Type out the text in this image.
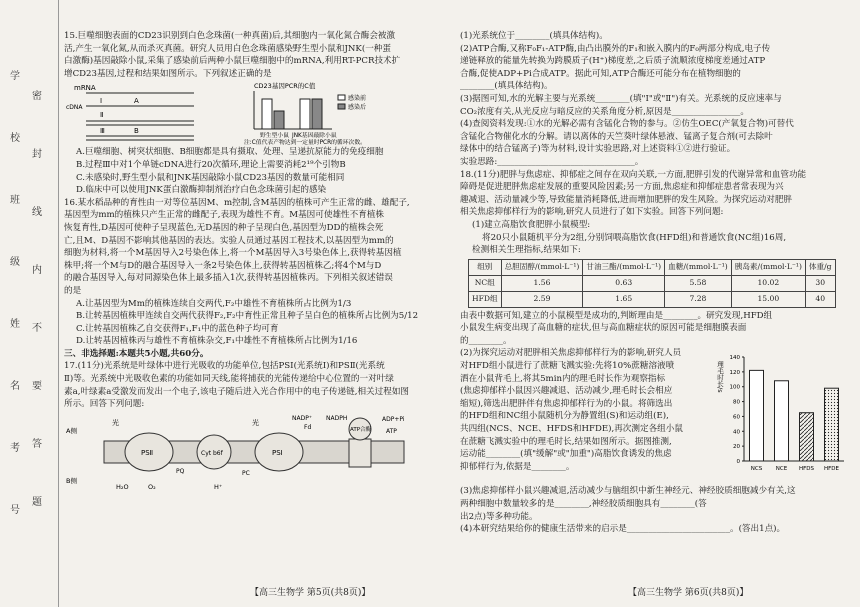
密
封
线
内
不
要
答
题
学
校
班
级
姓
名
考
号

15.巨噬细胞表面的CD23识别到白色念珠菌(一种真菌)后,其细胞内一氧化氮合酶会被激

活,产生一氧化氮,从而杀灭真菌。研究人员用白色念珠菌感染野生型小鼠和JNK(一种蛋

白激酶)基因敲除小鼠,采集了感染前后两种小鼠巨噬细胞中的mRNA,利用RT-PCR技术扩

增CD23基因,过程和结果如图所示。下列叙述正确的是

mRNA
Ⅰ	A
cDNA
Ⅱ
Ⅲ	B
CD23基因PCR的C值
野生型小鼠 JNK基因敲除小鼠
感染前
感染后
注:C值代表产物达到一定量时PCR的循环次数。

A.巨噬细胞、树突状细胞、B细胞都是具有摄取、处理、呈递抗原能力的免疫细胞

B.过程Ⅲ中对1个单链cDNA进行20次循环,理论上需要消耗2¹⁹个引物B

C.未感染时,野生型小鼠和JNK基因敲除小鼠CD23基因的数量可能相同

D.临床中可以使用JNK蛋白激酶抑制剂治疗白色念珠菌引起的感染

16.某水稻品种的育性由一对等位基因M、m控制,含M基因的植株可产生正常的雌、雄配子,

基因型为mm的植株只产生正常的雌配子,表现为雄性不育。M基因可使雄性不育植株

恢复育性,D基因可使种子呈现蓝色,无D基因的种子呈现白色,基因型为DD的植株会死

亡,且M、D基因不影响其他基因的表达。实验人员通过基因工程技术,以基因型为mm的

细胞为材料,将一个M基因导入2号染色体上,将一个M基因导入3号染色体上,获得转基因植

株甲;将一个M与D的融合基因导入一条2号染色体上,获得转基因植株乙;将4个M与D

的融合基因导入,每对同源染色体上最多插入1次,获得转基因植株丙。下列相关叙述错误

的是

A.让基因型为Mm的植株连续自交两代,F₂中雄性不育植株所占比例为1/3

B.让转基因植株甲连续自交两代获得F₂,F₂中育性正常且种子呈白色的植株所占比例为5/12

C.让转基因植株乙自交获得F₁,F₁中的蓝色种子均可育

D.让转基因植株丙与雄性不育植株杂交,F₁中雄性不育植株所占比例为1/16

三、非选择题:本题共5小题,共60分。

17.(11分)光系统是叶绿体中进行光吸收的功能单位,包括PSⅠ(光系统Ⅰ)和PSⅡ(光系统

Ⅱ)等。光系统中光吸收色素的功能如同天线,能将捕获的光能传递给中心位置的一对叶绿

素a,叶绿素a受激发而发出一个电子,该电子随后进入光合作用中的电子传递链,相关过程如图

所示。回答下列问题:

PSⅡ	Cyt b6f	PSⅠ
ATP合酶
光	光
PQ	PC
Fd
NADP⁺ NADPH	ADP+Pi
ATP
H₂O	O₂	H⁺
A侧
B侧

(1)光系统位于________(填具体结构)。

(2)ATP合酶,又称F₀F₁-ATP酶,由凸出膜外的F₁和嵌入膜内的F₀两部分构成,电子传

递链释放的能量先转换为跨膜质子(H⁺)梯度差,之后质子流顺浓度梯度差通过ATP

合酶,促使ADP+Pi合成ATP。据此可知,ATP合酶还可能分布在植物细胞的

________(填具体结构)。

(3)据图可知,水的光解主要与光系统________(填"Ⅰ"或"Ⅱ")有关。光系统的反应速率与

CO₂浓度有关,从光反应与暗反应的关系角度分析,原因是________________。

(4)查阅资料发现:①水的光解必需有含锰化合物的参与。②仿生OEC(产氧复合物)可替代

含锰化合物催化水的分解。请以离体的天竺葵叶绿体悬液、锰离子复合剂(可去除叶

绿体中的结合锰离子)等为材料,设计实验思路,对上述资料①②进行验证。

实验思路:________________________________。

18.(11分)肥胖与焦虑症、抑郁症之间存在双向关联,一方面,肥胖引发的代谢异常和血管功能

障碍是促进肥胖焦虑症发展的重要风险因素;另一方面,焦虑症和抑郁症患者常表现为兴

趣减退、活动量减少等,导致能量消耗降低,进而增加肥胖的发生风险。为探究运动对肥胖

相关焦虑抑郁样行为的影响,研究人员进行了如下实验。回答下列问题:

(1)建立高脂饮食肥胖小鼠模型:

将20只小鼠随机平分为2组,分别饲喂高脂饮食(HFD组)和普通饮食(NC组)16周,

检测相关生理指标,结果如下:

组别	总胆固醇/(mmol·L⁻¹)	甘油三酯/(mmol·L⁻¹)	血糖/(mmol·L⁻¹)	胰岛素/(mmol·L⁻¹)	体重/g
NC组	1.56	0.63	5.58	10.02	30
HFD组	2.59	1.65	7.28	15.00	40

由表中数据可知,建立的小鼠模型是成功的,判断理由是________。研究发现,HFD组

小鼠发生病变出现了高血糖的症状,但与高血糖症状的原因可能是细胞膜表面

的________。

(2)为探究运动对肥胖相关焦虑抑郁样行为的影响,研究人员

对HFD组小鼠进行了蔗糖飞溅实验:先将10%蔗糖溶液喷

洒在小鼠背毛上,将其5min内的理毛时长作为观察指标

(焦虑抑郁样小鼠因兴趣减退、活动减少,理毛时长会相应

缩短),筛选出肥胖伴有焦虑抑郁样行为的小鼠。将筛选出

的HFD组和NC组小鼠随机分为静置组(S)和运动组(E),

共四组(NCS、NCE、HFDS和HFDE),再次测定各组小鼠

在蔗糖飞溅实验中的理毛时长,结果如图所示。据图推测,

运动能________(填"缓解"或"加重")高脂饮食诱发的焦虑

抑郁样行为,依据是________。

理毛时长/s
0
20
40
60
80
100
120
140
NCS NCE HFDS HFDE

(3)焦虑抑郁样小鼠兴趣减退,活动减少与脑组织中新生神经元、神经胶质细胞减少有关,这

两种细胞中数量较多的是________,神经胶质细胞具有________(答

出2点)等多种功能。

(4)本研究结果给你的健康生活带来的启示是________________________。(答出1点)。

【高三生物学 第5页(共8页)】	【高三生物学 第6页(共8页)】
